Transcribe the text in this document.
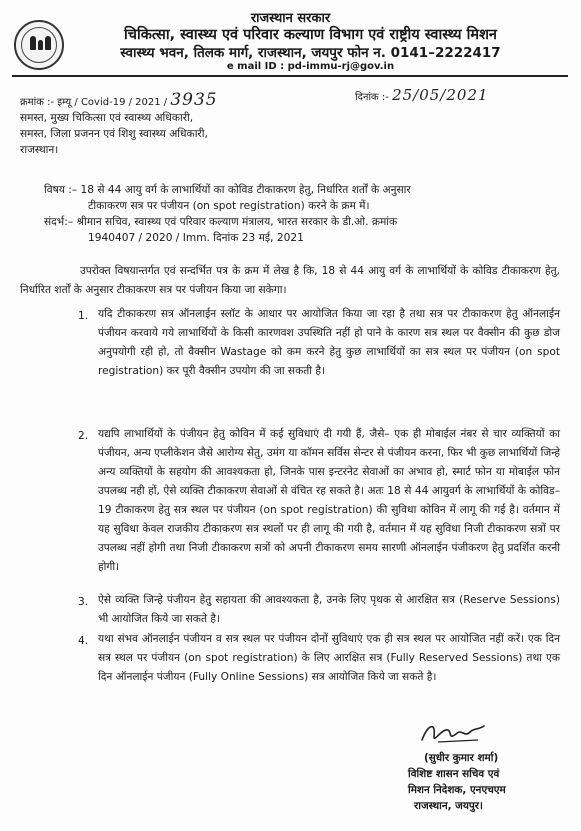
राजस्थान सरकार
चिकित्सा, स्वास्थ्य एवं परिवार कल्याण विभाग एवं राष्ट्रीय स्वास्थ्य मिशन
स्वास्थ्य भवन, तिलक मार्ग, राजस्थान, जयपुर फोन न. 0141–2222417
e mail ID : pd-immu-rj@gov.in
क्रमांक :- इम्यू / Covid-19 / 2021 / 3935	दिनांक :- 25/05/2021
समस्त, मुख्य चिकित्सा एवं स्वास्थ्य अधिकारी,
समस्त, जिला प्रजनन एवं शिशु स्वास्थ्य अधिकारी,
राजस्थान।
विषय :– 18 से 44 आयु वर्ग के लाभार्थियों का कोविड टीकाकरण हेतु, निर्धारित शर्तों के अनुसार
टीकाकरण सत्र पर पंजीयन (on spot registration) करने के क्रम में।
संदर्भ:– श्रीमान सचिव, स्वास्थ्य एवं परिवार कल्याण मंत्रालय, भारत सरकार के डी.ओ. क्रमांक
1940407 / 2020 / Imm. दिनांक 23 मई, 2021
उपरोक्त विषयान्तर्गत एवं सन्दर्भित पत्र के क्रम में लेख है कि, 18 से 44 आयु वर्ग के लाभार्थियों के कोविड टीकाकरण हेतु, निर्धारित शर्तों के अनुसार टीकाकरण सत्र पर पंजीयन किया जा सकेगा।
1. यदि टीकाकरण सत्र ऑनलाईन स्लॉट के आधार पर आयोजित किया जा रहा है तथा सत्र पर टीकाकरण हेतु ऑनलाईन पंजीयन करवाये गये लाभार्थियों के किसी कारणवश उपस्थिति नहीं हो पाने के कारण सत्र स्थल पर वैक्सीन की कुछ डोज अनुपयोगी रही हो, तो वैक्सीन Wastage को कम करने हेतु कुछ लाभार्थियों का सत्र स्थल पर पंजीयन (on spot registration) कर पूरी वैक्सीन उपयोग की जा सकती है।
2. यद्यपि लाभार्थियों के पंजीयन हेतु कोविन में कई सुविधाएं दी गयी हैं, जैसे– एक ही मोबाईल नंबर से चार व्यक्तियों का पंजीयन, अन्य एप्लीकेशन जैसे आरोग्य सेतु, उमंग या कॉमन सर्विस सेन्टर से पंजीयन करना, फिर भी कुछ लाभार्थियों जिन्हे अन्य व्यक्तियों के सहयोग की आवश्यकता हो, जिनके पास इन्टरनेट सेवाओं का अभाव हो, स्मार्ट फोन या मोबाईल फोन उपलब्ध नही हों, ऐसे व्यक्ति टीकाकरण सेवाओं से वंचित रह सकते है। अतः 18 से 44 आयुवर्ग के लाभार्थियों के कोविड–19 टीकाकरण हेतु सत्र स्थल पर पंजीयन (on spot registration) की सुविधा कोविन में लागू की गई है। वर्तमान में यह सुविधा केवल राजकीय टीकाकरण सत्र स्थलों पर ही लागू की गयी है, वर्तमान में यह सुविधा निजी टीकाकरण सत्रों पर उपलब्ध नहीं होगी तथा निजी टीकाकरण सत्रों को अपनी टीकाकरण समय सारणी ऑनलाईन पंजीकरण हेतु प्रदर्शित करनी होगी।
3. ऐसे व्यक्ति जिन्हे पंजीयन हेतु सहायता की आवश्यकता है, उनके लिए पृथक से आरक्षित सत्र (Reserve Sessions) भी आयोजित किये जा सकते है।
4. यथा संभव ऑनलाईन पंजीयन व सत्र स्थल पर पंजीयन दोनों सुविधाएं एक ही सत्र स्थल पर आयोजित नहीं करें। एक दिन सत्र स्थल पर पंजीयन (on spot registration) के लिए आरक्षित सत्र (Fully Reserved Sessions) तथा एक दिन ऑनलाईन पंजीयन (Fully Online Sessions) सत्र आयोजित किये जा सकते है।
(सुधीर कुमार शर्मा)
विशिष्ट शासन सचिव एवं
मिशन निदेशक, एनएचएम
राजस्थान, जयपुर।
